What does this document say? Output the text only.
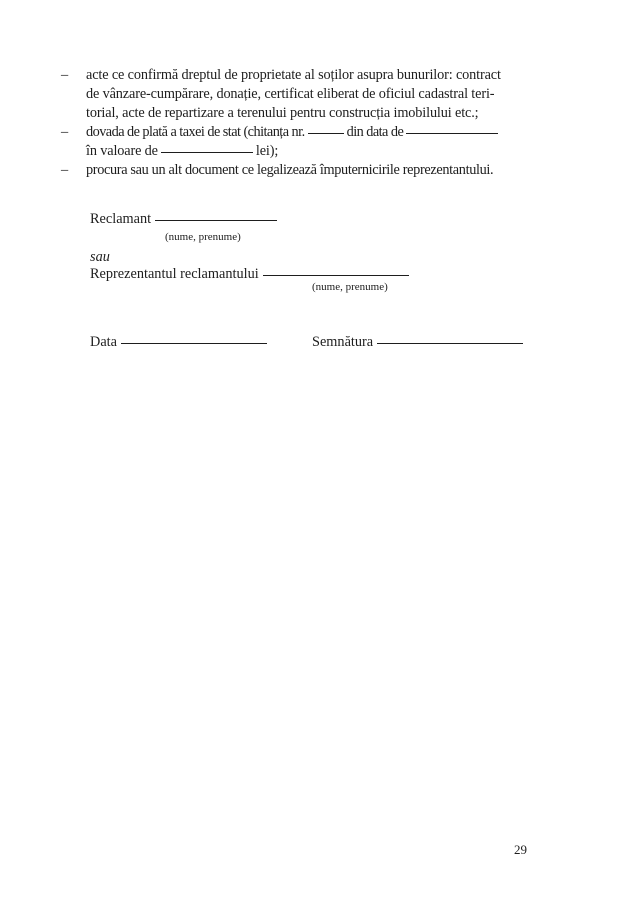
– acte ce confirmă dreptul de proprietate al soților asupra bunurilor: contract
de vânzare-cumpărare, donație, certificat eliberat de oficiul cadastral teri-
torial, acte de repartizare a terenului pentru construcția imobilului etc.;
– dovada de plată a taxei de stat (chitanța nr.	din data de
în valoare de	lei);
– procura sau un alt document ce legalizează împuternicirile reprezentantului.
Reclamant
(nume, prenume)
sau
Reprezentantul reclamantului
(nume, prenume)
Data	Semnătura
29
